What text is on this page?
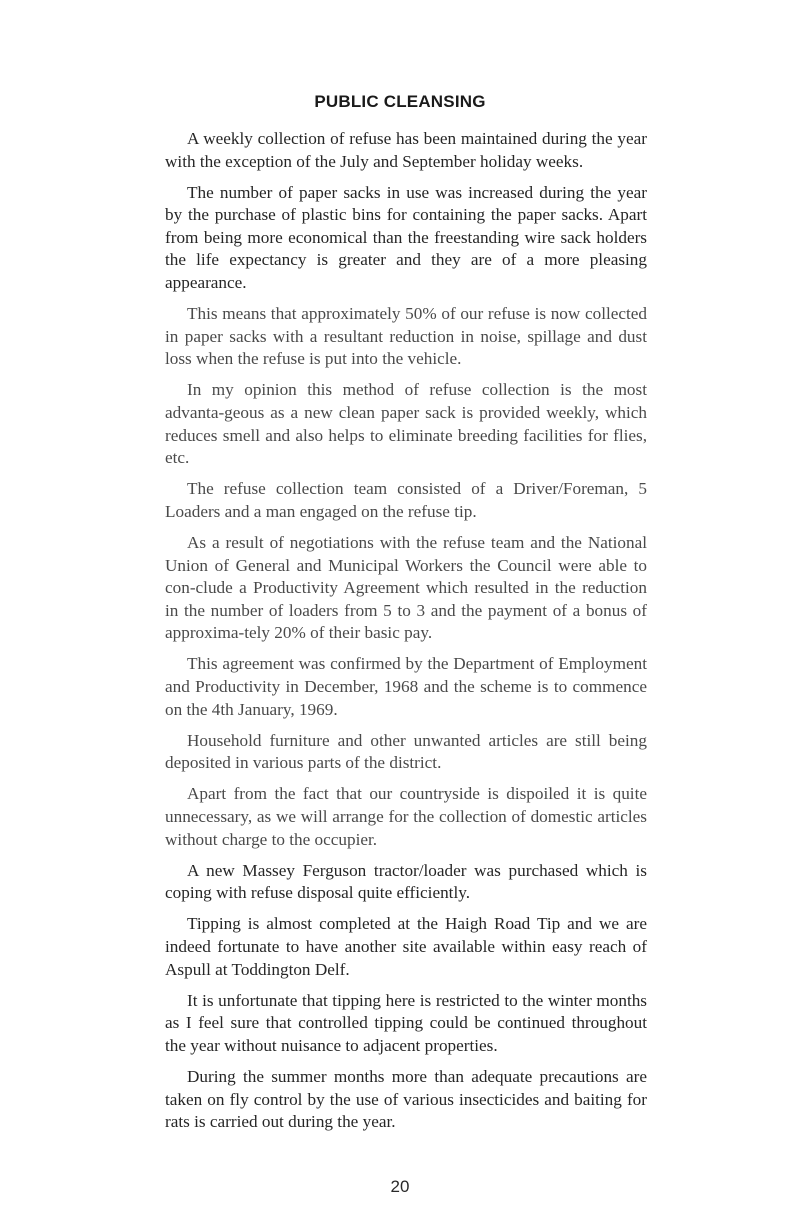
PUBLIC CLEANSING

A weekly collection of refuse has been maintained during the year with the exception of the July and September holiday weeks.

The number of paper sacks in use was increased during the year by the purchase of plastic bins for containing the paper sacks. Apart from being more economical than the freestanding wire sack holders the life expectancy is greater and they are of a more pleasing appearance.

This means that approximately 50% of our refuse is now collected in paper sacks with a resultant reduction in noise, spillage and dust loss when the refuse is put into the vehicle.

In my opinion this method of refuse collection is the most advanta-geous as a new clean paper sack is provided weekly, which reduces smell and also helps to eliminate breeding facilities for flies, etc.

The refuse collection team consisted of a Driver/Foreman, 5 Loaders and a man engaged on the refuse tip.

As a result of negotiations with the refuse team and the National Union of General and Municipal Workers the Council were able to con-clude a Productivity Agreement which resulted in the reduction in the number of loaders from 5 to 3 and the payment of a bonus of approxima-tely 20% of their basic pay.

This agreement was confirmed by the Department of Employment and Productivity in December, 1968 and the scheme is to commence on the 4th January, 1969.

Household furniture and other unwanted articles are still being deposited in various parts of the district.

Apart from the fact that our countryside is dispoiled it is quite unnecessary, as we will arrange for the collection of domestic articles without charge to the occupier.

A new Massey Ferguson tractor/loader was purchased which is coping with refuse disposal quite efficiently.

Tipping is almost completed at the Haigh Road Tip and we are indeed fortunate to have another site available within easy reach of Aspull at Toddington Delf.

It is unfortunate that tipping here is restricted to the winter months as I feel sure that controlled tipping could be continued throughout the year without nuisance to adjacent properties.

During the summer months more than adequate precautions are taken on fly control by the use of various insecticides and baiting for rats is carried out during the year.

20
